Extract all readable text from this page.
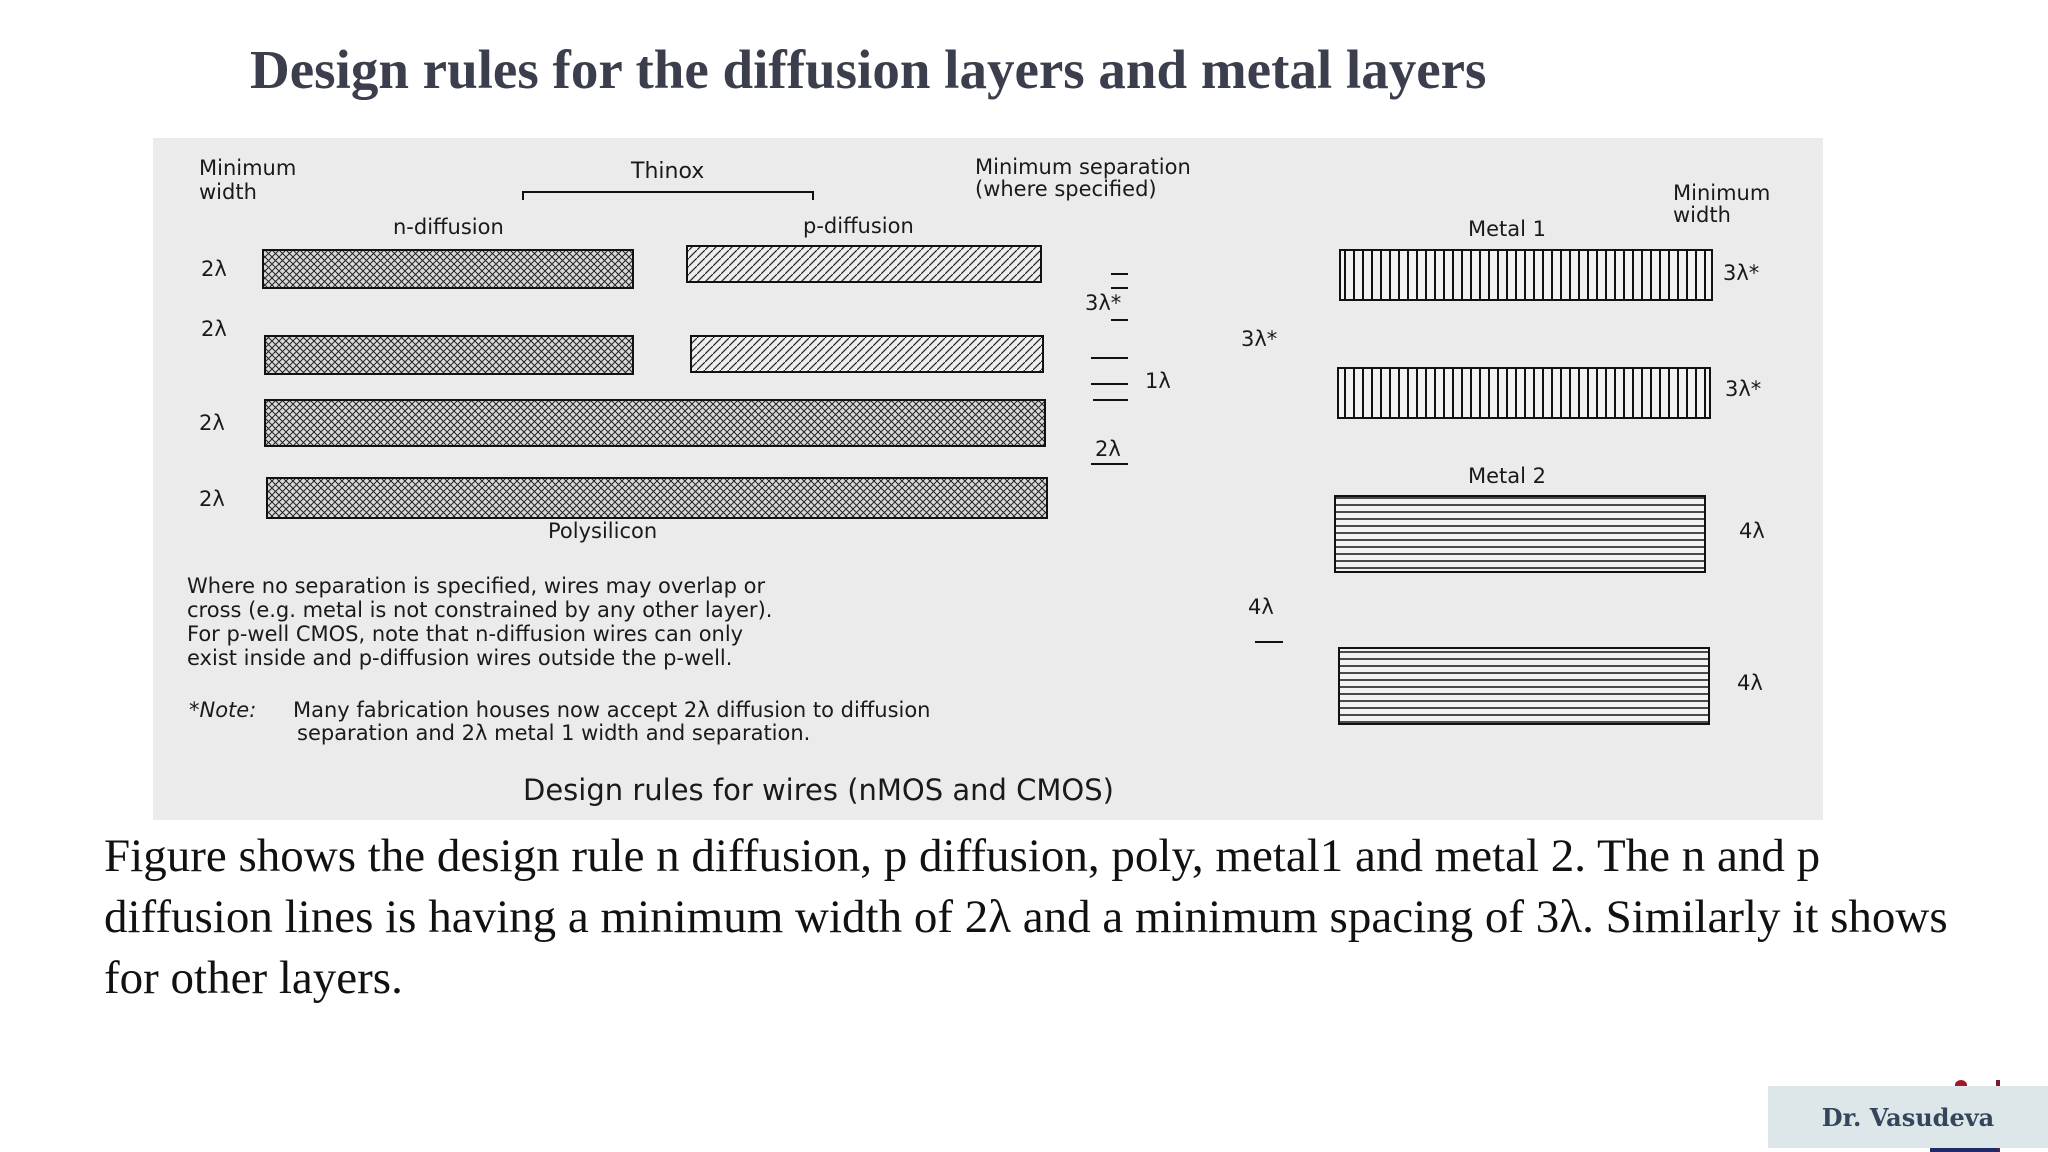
Design rules for the diffusion layers and metal layers
Minimum width
Thinox	Minimum separation (where specified)	Minimum width
n-diffusion	p-diffusion	Metal 1
2λ
3λ*
3λ*
2λ
1λ
2λ
2λ
2λ
Polysilicon
3λ*
3λ*
Metal 2
4λ
4λ
4λ
Where no separation is specified, wires may overlap or cross (e.g. metal is not constrained by any other layer). For p-well CMOS, note that n-diffusion wires can only exist inside and p-diffusion wires outside the p-well.
*Note: Many fabrication houses now accept 2λ diffusion to diffusion separation and 2λ metal 1 width and separation.
Design rules for wires (nMOS and CMOS)
Figure shows the design rule n diffusion, p diffusion, poly, metal1 and metal 2. The n and p diffusion lines is having a minimum width of 2λ and a minimum spacing of 3λ. Similarly it shows for other layers.
Dr. Vasudeva
